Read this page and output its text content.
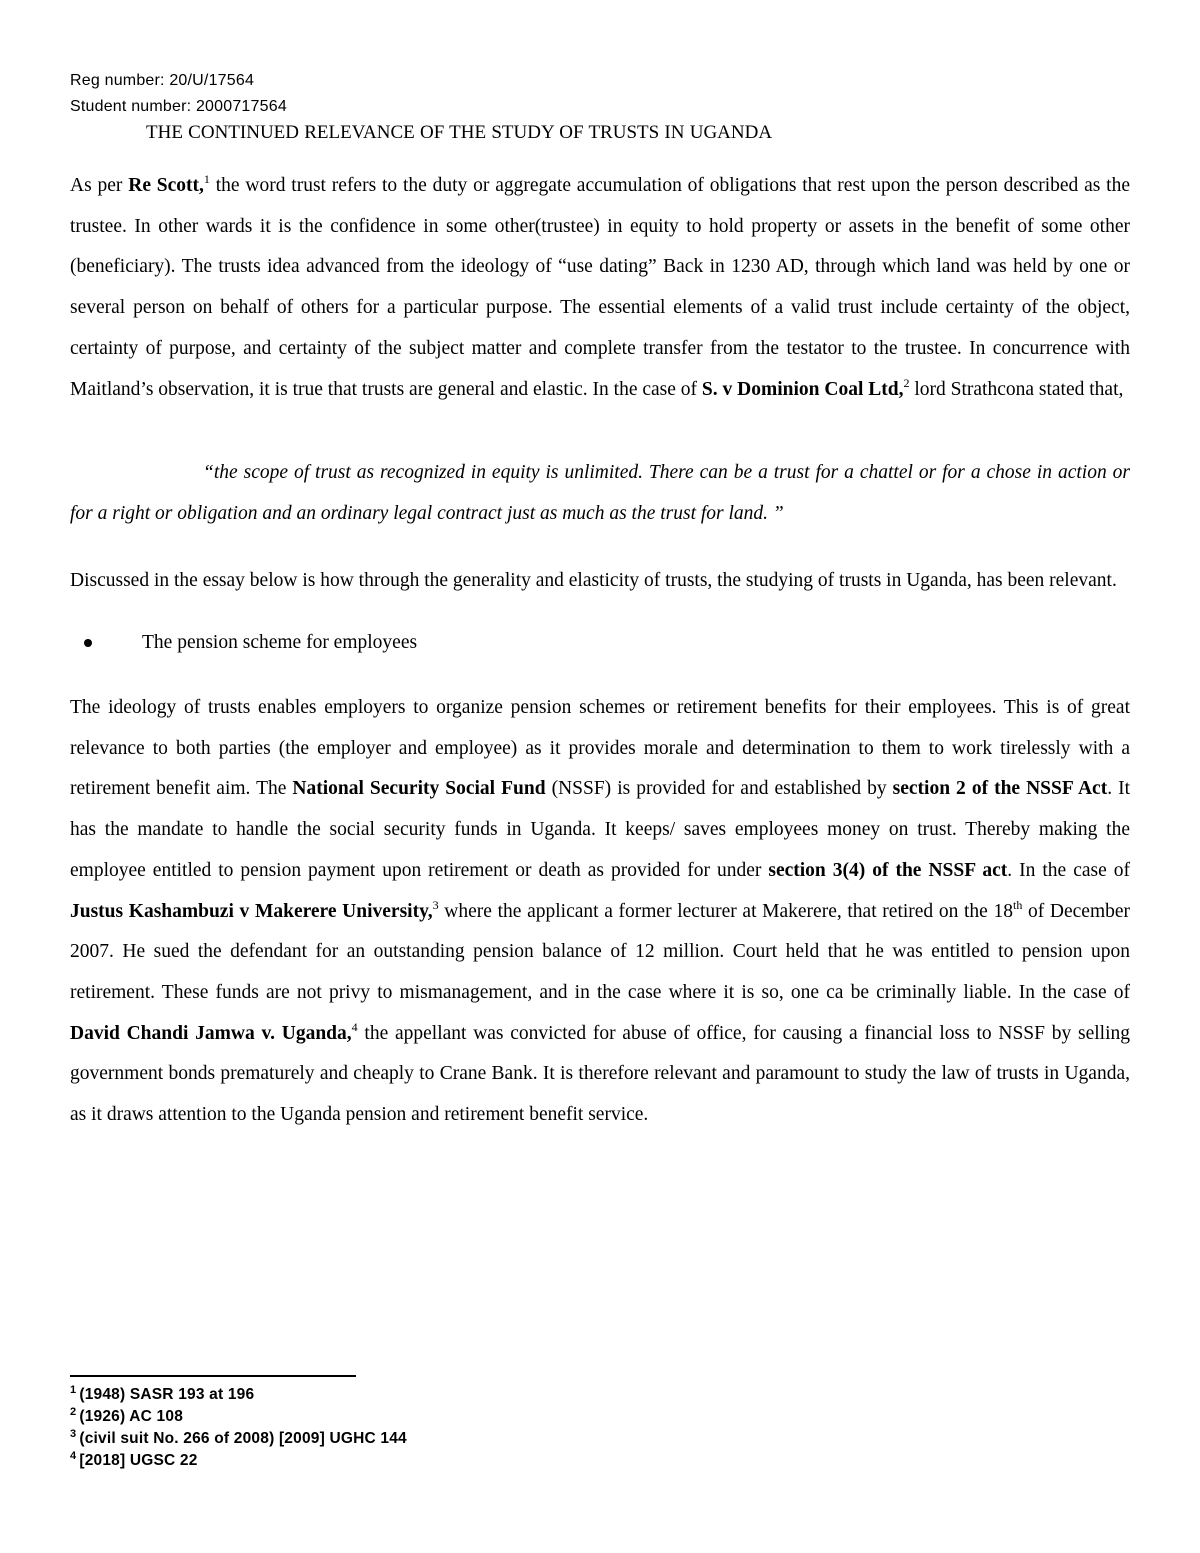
Reg number: 20/U/17564
Student number: 2000717564
THE CONTINUED RELEVANCE OF THE STUDY OF TRUSTS IN UGANDA

As per Re Scott,$^1$ the word trust refers to the duty or aggregate accumulation of obligations that rest upon the person described as the trustee. In other wards it is the confidence in some other(trustee) in equity to hold property or assets in the benefit of some other (beneficiary). The trusts idea advanced from the ideology of “use dating” Back in 1230 AD, through which land was held by one or several person on behalf of others for a particular purpose. The essential elements of a valid trust include certainty of the object, certainty of purpose, and certainty of the subject matter and complete transfer from the testator to the trustee. In concurrence with Maitland’s observation, it is true that trusts are general and elastic. In the case of S. v Dominion Coal Ltd,$^2$ lord Strathcona stated that,

“the scope of trust as recognized in equity is unlimited. There can be a trust for a chattel or for a chose in action or for a right or obligation and an ordinary legal contract just as much as the trust for land. ”

Discussed in the essay below is how through the generality and elasticity of trusts, the studying of trusts in Uganda, has been relevant.

The pension scheme for employees

The ideology of trusts enables employers to organize pension schemes or retirement benefits for their employees. This is of great relevance to both parties (the employer and employee) as it provides morale and determination to them to work tirelessly with a retirement benefit aim. The National Security Social Fund (NSSF) is provided for and established by section 2 of the NSSF Act. It has the mandate to handle the social security funds in Uganda. It keeps/ saves employees money on trust. Thereby making the employee entitled to pension payment upon retirement or death as provided for under section 3(4) of the NSSF act. In the case of Justus Kashambuzi v Makerere University,$^3$ where the applicant a former lecturer at Makerere, that retired on the 18th of December 2007. He sued the defendant for an outstanding pension balance of 12 million. Court held that he was entitled to pension upon retirement. These funds are not privy to mismanagement, and in the case where it is so, one ca be criminally liable. In the case of David Chandi Jamwa v. Uganda,$^4$ the appellant was convicted for abuse of office, for causing a financial loss to NSSF by selling government bonds prematurely and cheaply to Crane Bank. It is therefore relevant and paramount to study the law of trusts in Uganda, as it draws attention to the Uganda pension and retirement benefit service.

$^1$ (1948) SASR 193 at 196
$^2$ (1926) AC 108
$^3$ (civil suit No. 266 of 2008) [2009] UGHC 144
$^4$ [2018] UGSC 22
